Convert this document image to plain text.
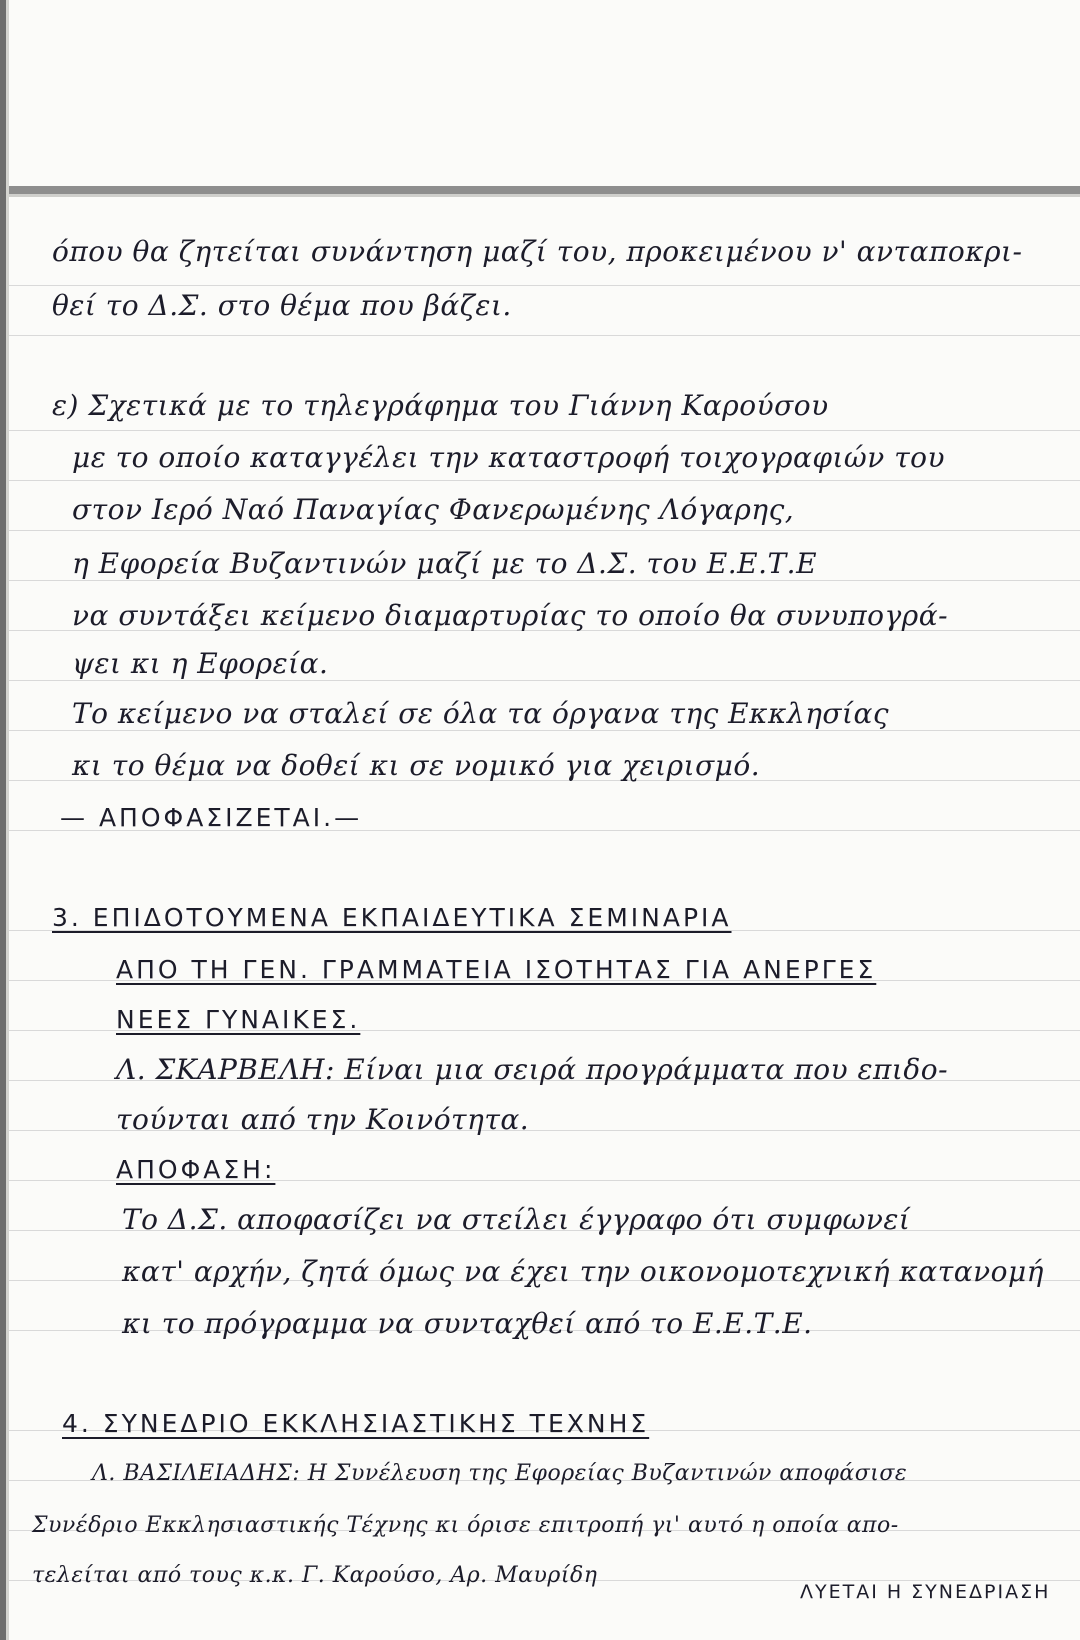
όπου θα ζητείται συνάντηση μαζί του, προκειμένου ν' ανταποκρι-
θεί το Δ.Σ. στο θέμα που βάζει.
ε) Σχετικά με το τηλεγράφημα του Γιάννη Καρούσου
με το οποίο καταγγέλει την καταστροφή τοιχογραφιών του
στον Ιερό Ναό Παναγίας Φανερωμένης Λόγαρης,
η Εφορεία Βυζαντινών μαζί με το Δ.Σ. του Ε.Ε.Τ.Ε
να συντάξει κείμενο διαμαρτυρίας το οποίο θα συνυπογρά-
ψει κι η Εφορεία.
Το κείμενο να σταλεί σε όλα τα όργανα της Εκκλησίας
κι το θέμα να δοθεί κι σε νομικό για χειρισμό.
— ΑΠΟΦΑΣΙΖΕΤΑΙ.—
3. ΕΠΙΔΟΤΟΥΜΕΝΑ ΕΚΠΑΙΔΕΥΤΙΚΑ ΣΕΜΙΝΑΡΙΑ
ΑΠΟ ΤΗ ΓΕΝ. ΓΡΑΜΜΑΤΕΙΑ ΙΣΟΤΗΤΑΣ ΓΙΑ ΑΝΕΡΓΕΣ
ΝΕΕΣ ΓΥΝΑΙΚΕΣ.
Λ. ΣΚΑΡΒΕΛΗ: Είναι μια σειρά προγράμματα που επιδο-
τούνται από την Κοινότητα.
ΑΠΟΦΑΣΗ:
Το Δ.Σ. αποφασίζει να στείλει έγγραφο ότι συμφωνεί
κατ' αρχήν, ζητά όμως να έχει την οικονομοτεχνική κατανομή
κι το πρόγραμμα να συνταχθεί από το Ε.Ε.Τ.Ε.
4. ΣΥΝΕΔΡΙΟ ΕΚΚΛΗΣΙΑΣΤΙΚΗΣ ΤΕΧΝΗΣ
Λ. ΒΑΣΙΛΕΙΑΔΗΣ: Η Συνέλευση της Εφορείας Βυζαντινών αποφάσισε
Συνέδριο Εκκλησιαστικής Τέχνης κι όρισε επιτροπή γι' αυτό η οποία απο-
τελείται από τους κ.κ. Γ. Καρούσο, Αρ. Μαυρίδη
ΛΥΕΤΑΙ Η ΣΥΝΕΔΡΙΑΣΗ
